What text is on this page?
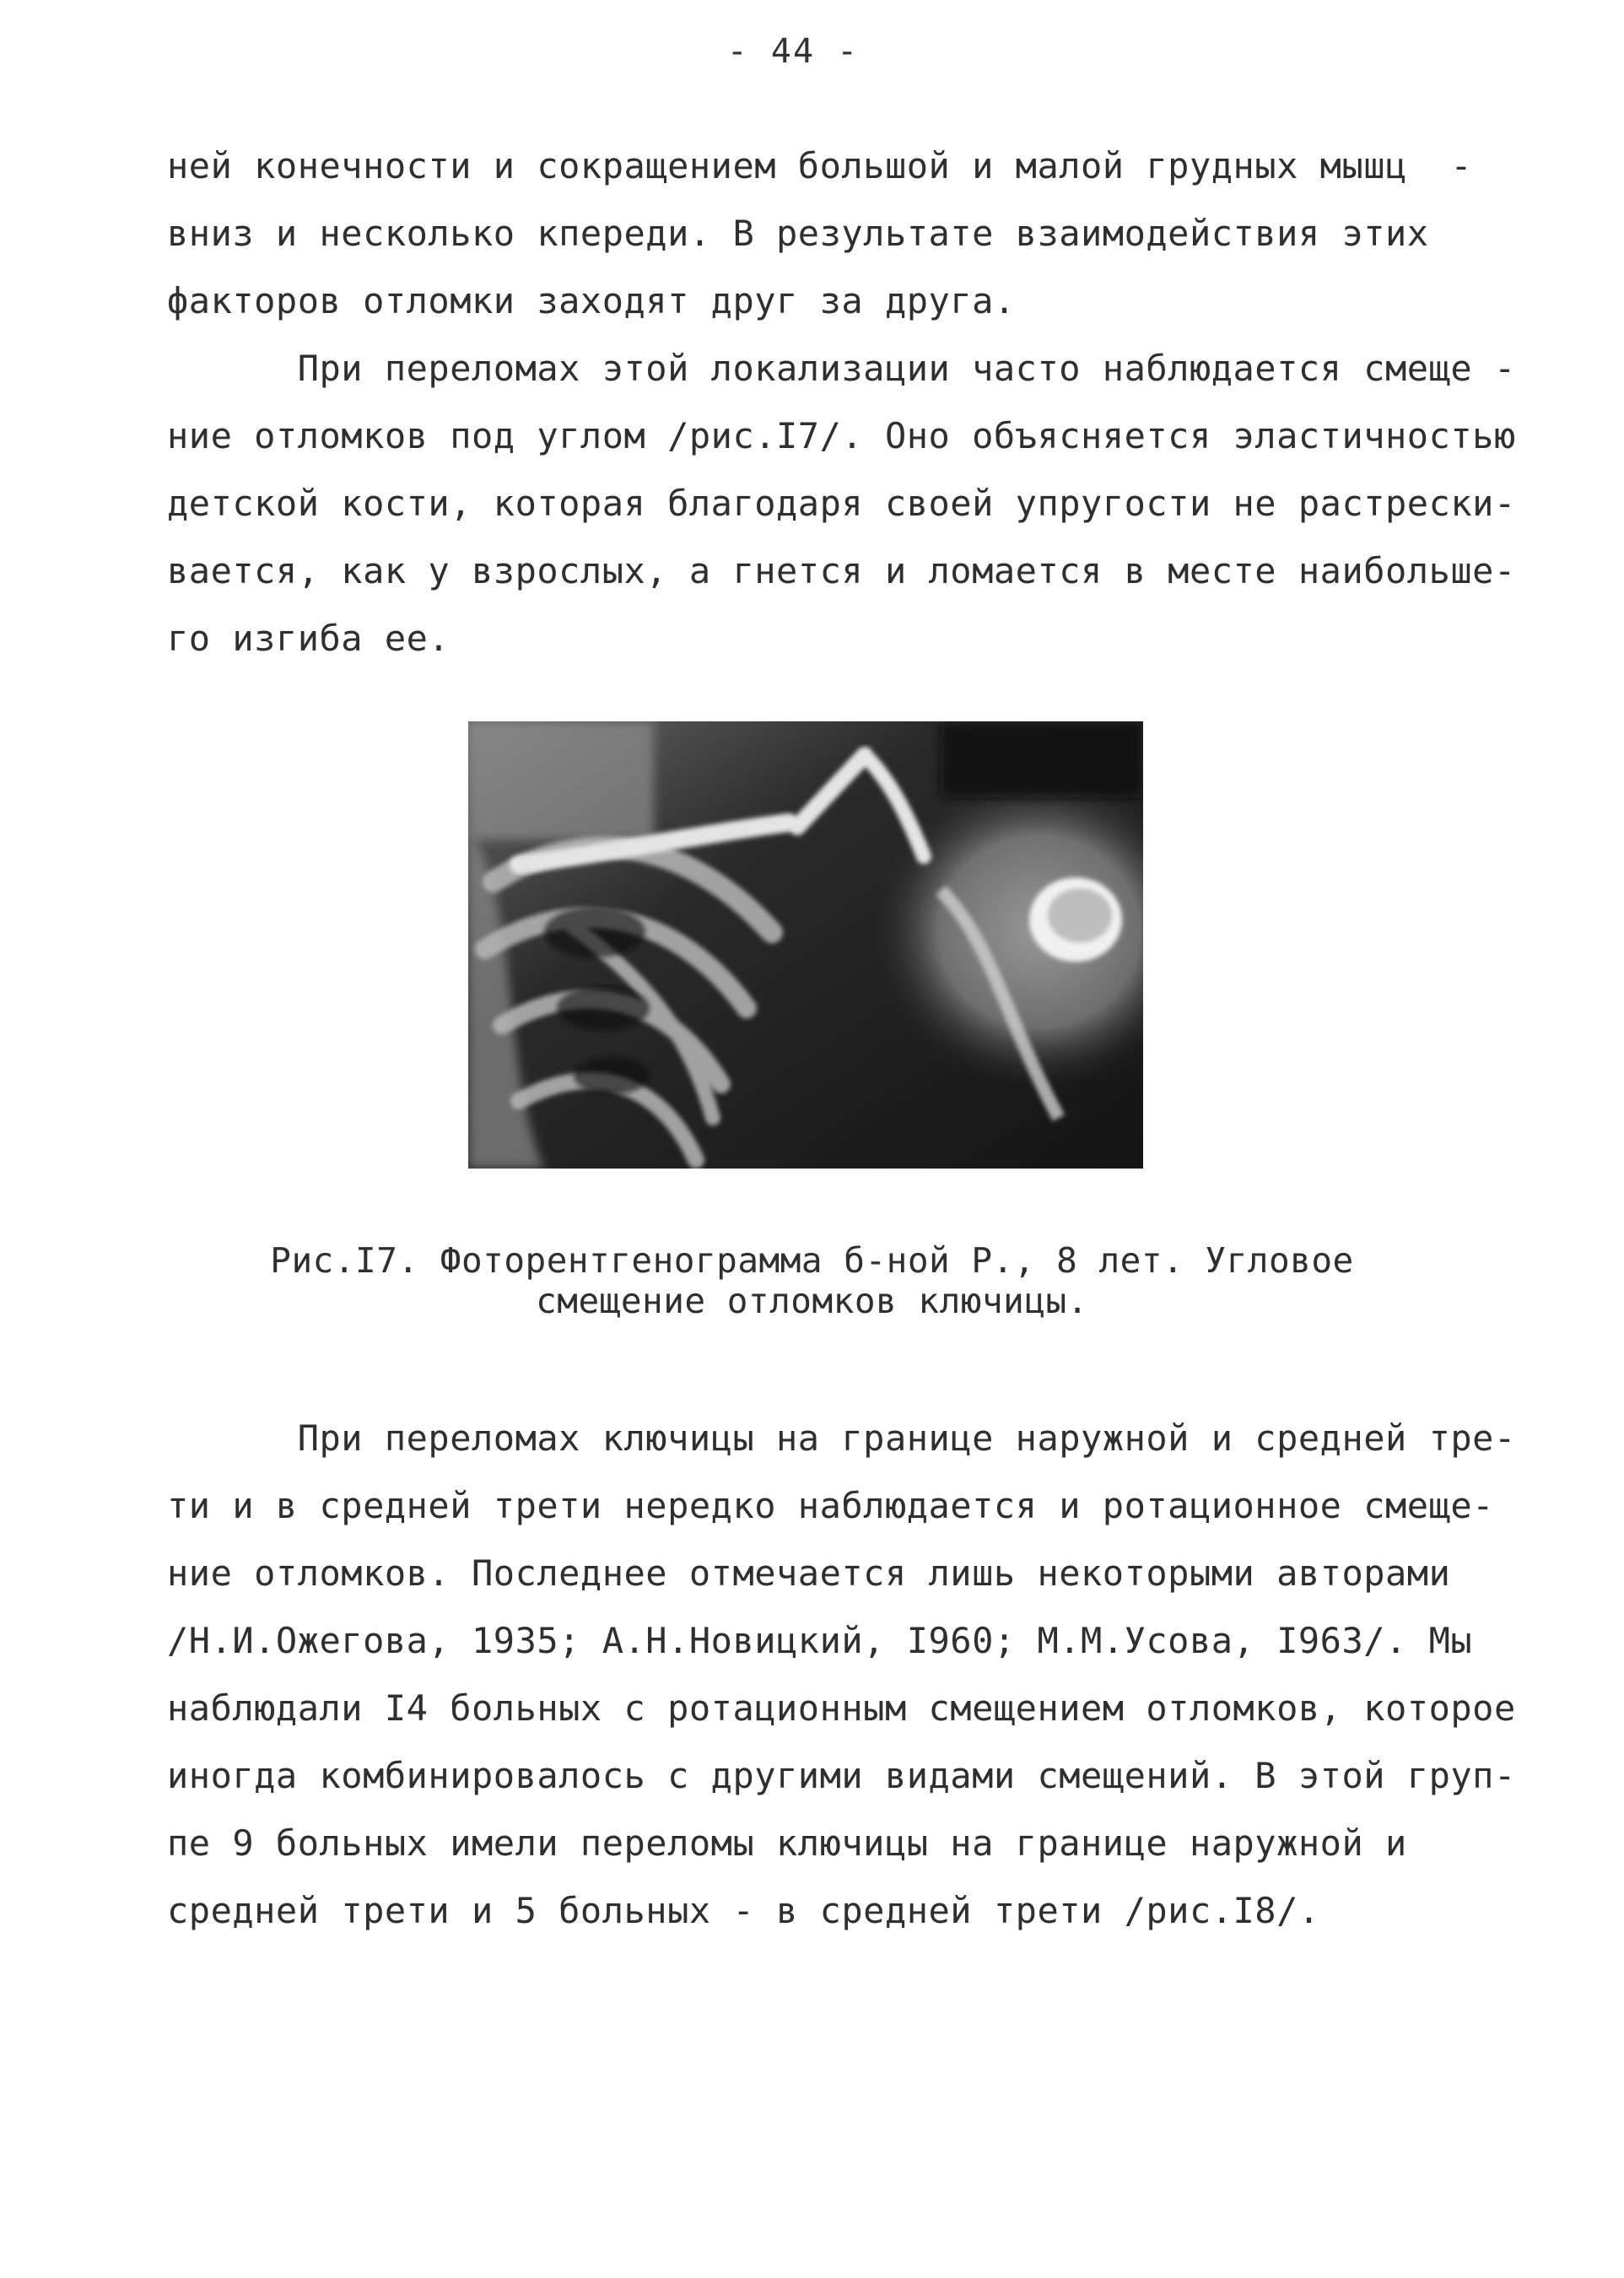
- 44 -
ней конечности и сокращением большой и малой грудных мышц  -
вниз и несколько кпереди. В результате взаимодействия этих
факторов отломки заходят друг за друга.
При переломах этой локализации часто наблюдается смеще -
ние отломков под углом /рис.I7/. Оно объясняется эластичностью
детской кости, которая благодаря своей упругости не растрески-
вается, как у взрослых, а гнется и ломается в месте наибольше-
го изгиба ее.
Рис.I7. Фоторентгенограмма б-ной Р., 8 лет. Угловое
смещение отломков ключицы.
При переломах ключицы на границе наружной и средней тре-
ти и в средней трети нередко наблюдается и ротационное смеще-
ние отломков. Последнее отмечается лишь некоторыми авторами
/Н.И.Ожегова, 1935; А.Н.Новицкий, I960; М.М.Усова, I963/. Мы
наблюдали I4 больных с ротационным смещением отломков, которое
иногда комбинировалось с другими видами смещений. В этой груп-
пе 9 больных имели переломы ключицы на границе наружной и
средней трети и 5 больных - в средней трети /рис.I8/.
